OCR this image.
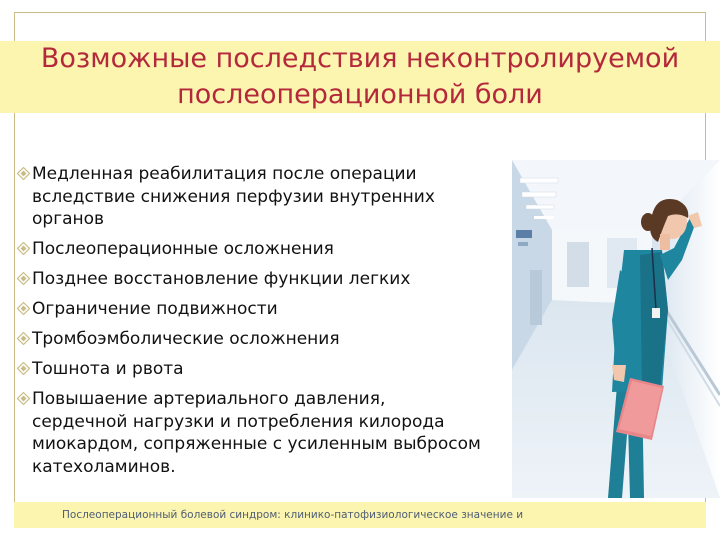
Возможные последствия неконтролируемой послеоперационной боли
Медленная реабилитация после операции вследствие снижения перфузии внутренних органов
Послеоперационные осложнения
Позднее восстановление функции легких
Ограничение подвижности
Тромбоэмболические осложнения
Тошнота и рвота
Повышаение артериального давления, сердечной нагрузки и потребления килорода миокардом, сопряженные с усиленным выбросом катехоламинов.
Послеоперационный болевой синдром: клинико-патофизиологическое значение и
